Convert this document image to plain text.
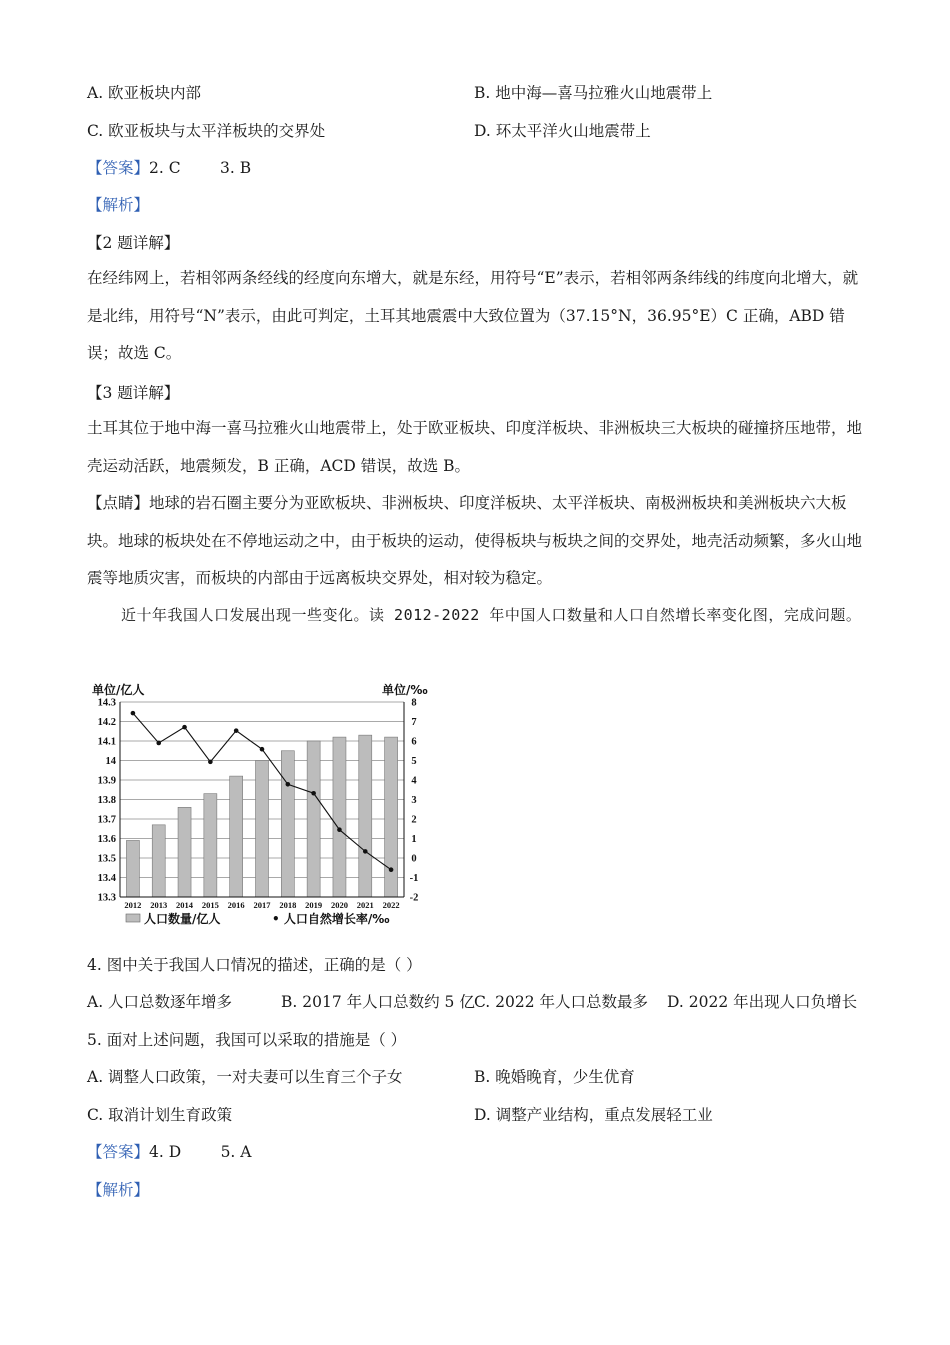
A. 欧亚板块内部	B. 地中海—喜马拉雅火山地震带上
C. 欧亚板块与太平洋板块的交界处	D. 环太平洋火山地震带上
【答案】2. C        3. B
【解析】
【2 题详解】
在经纬网上，若相邻两条经线的经度向东增大，就是东经，用符号“E”表示，若相邻两条纬线的纬度向北增大，就是北纬，用符号“N”表示，由此可判定，土耳其地震震中大致位置为（37.15°N，36.95°E）C 正确，ABD 错误；故选 C。
【3 题详解】
土耳其位于地中海一喜马拉雅火山地震带上，处于欧亚板块、印度洋板块、非洲板块三大板块的碰撞挤压地带，地壳运动活跃，地震频发，B 正确，ACD 错误，故选 B。
【点睛】地球的岩石圈主要分为亚欧板块、非洲板块、印度洋板块、太平洋板块、南极洲板块和美洲板块六大板块。地球的板块处在不停地运动之中，由于板块的运动，使得板块与板块之间的交界处，地壳活动频繁，多火山地震等地质灾害，而板块的内部由于远离板块交界处，相对较为稳定。
近十年我国人口发展出现一些变化。读 2012-2022 年中国人口数量和人口自然增长率变化图，完成问题。
14.3
14.2
14.1
14
13.9
13.8
13.7
13.6
13.5
13.4
13.3
8
7
6
5
4
3
2
1
0
-1
-2
2012 2013 2014 2015 2016 2017 2018 2019 2020 2021 2022
单位/亿人	单位/‰
人口数量/亿人	• 人口自然增长率/‰
4. 图中关于我国人口情况的描述，正确的是（ ）
A. 人口总数逐年增多	B. 2017 年人口总数约 5 亿 C. 2022 年人口总数最多 D. 2022 年出现人口负增长
5. 面对上述问题，我国可以采取的措施是（ ）
A. 调整人口政策，一对夫妻可以生育三个子女	B. 晚婚晚育，少生优育
C. 取消计划生育政策	D. 调整产业结构，重点发展轻工业
【答案】4. D        5. A
【解析】
